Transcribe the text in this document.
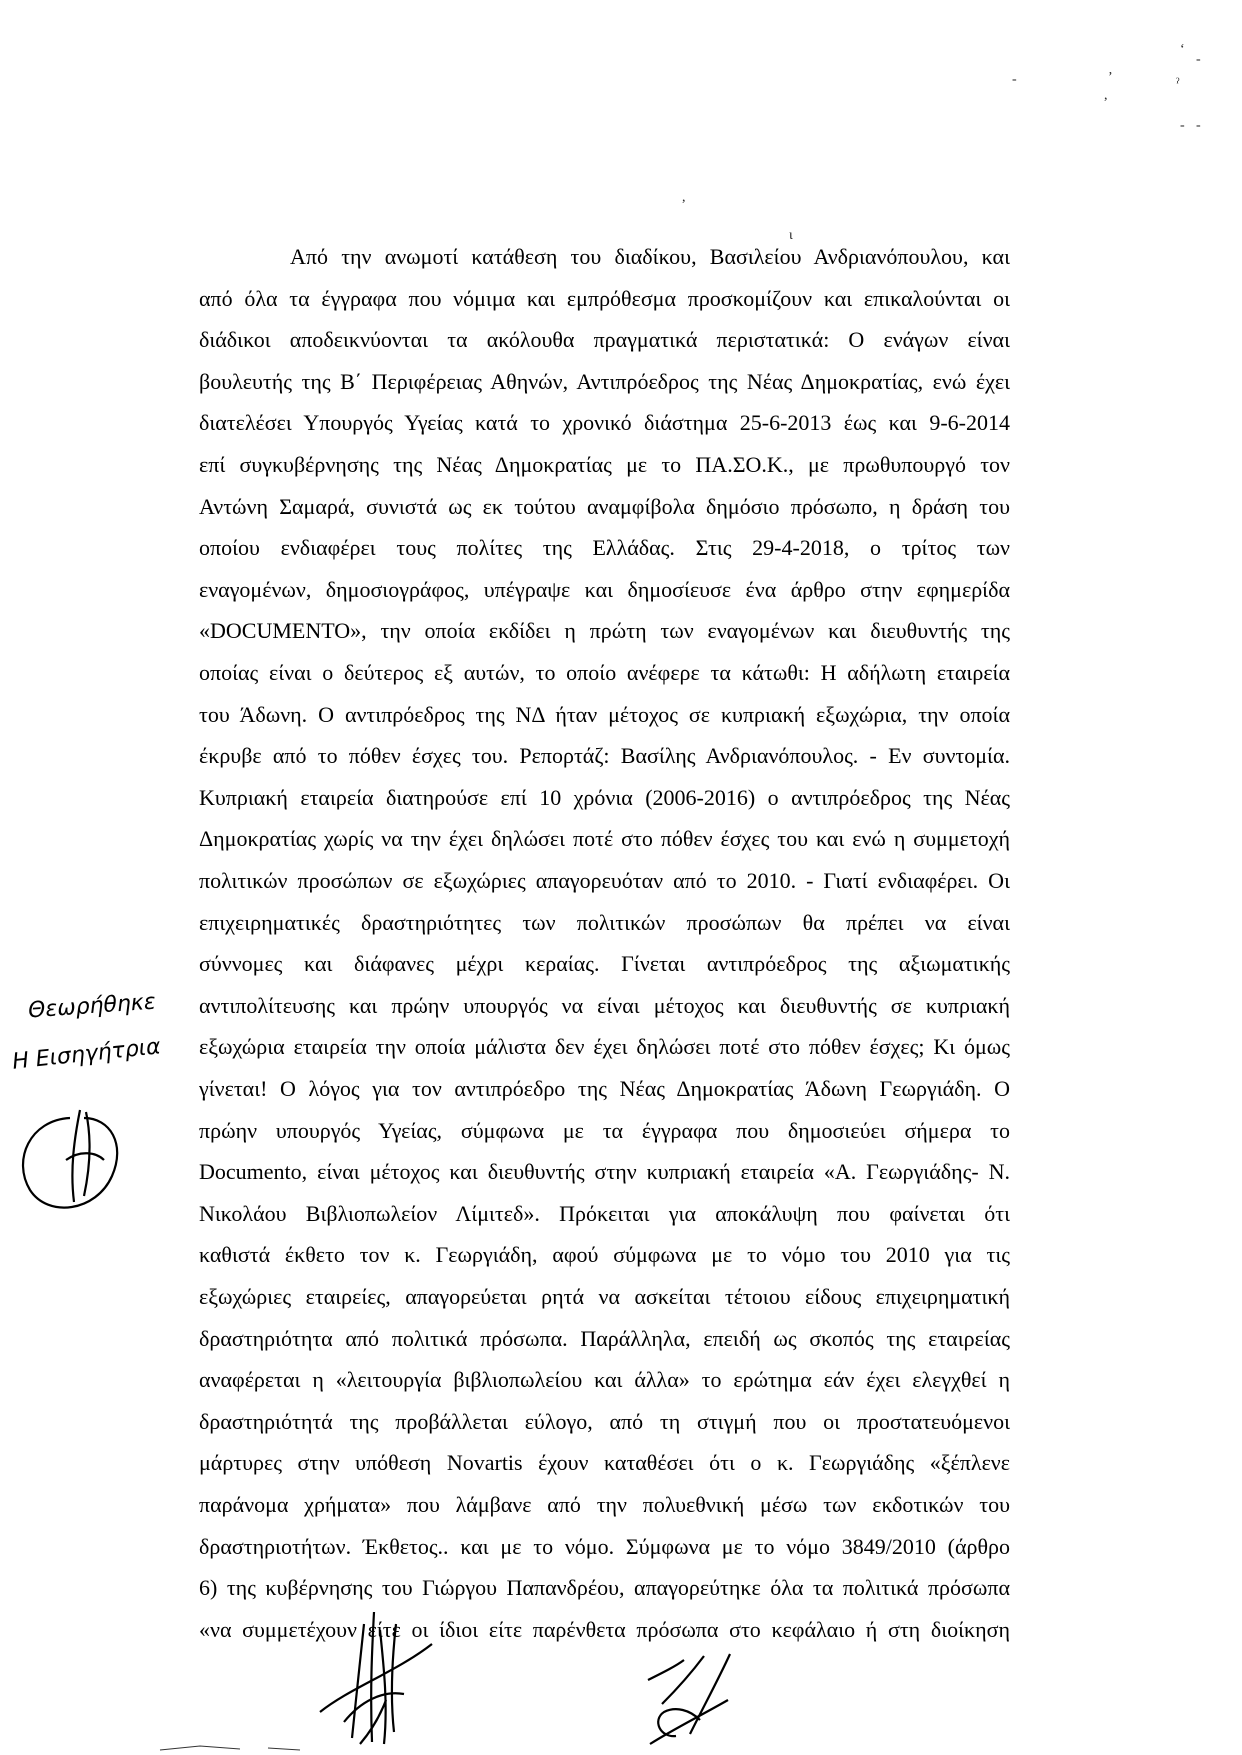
ʻ
-
-	ʼ	ˀ
,
- -
,
ι
Από την ανωμοτί κατάθεση του διαδίκου, Βασιλείου Ανδριανόπουλου, και
από όλα τα έγγραφα που νόμιμα και εμπρόθεσμα προσκομίζουν και επικαλούνται οι
διάδικοι αποδεικνύονται τα ακόλουθα πραγματικά περιστατικά: Ο ενάγων είναι
βουλευτής της Β΄ Περιφέρειας Αθηνών, Αντιπρόεδρος της Νέας Δημοκρατίας, ενώ έχει
διατελέσει Υπουργός Υγείας κατά το χρονικό διάστημα 25-6-2013 έως και 9-6-2014
επί συγκυβέρνησης της Νέας Δημοκρατίας με το ΠΑ.ΣΟ.Κ., με πρωθυπουργό τον
Αντώνη Σαμαρά, συνιστά ως εκ τούτου αναμφίβολα δημόσιο πρόσωπο, η δράση του
οποίου ενδιαφέρει τους πολίτες της Ελλάδας. Στις 29-4-2018, ο τρίτος των
εναγομένων, δημοσιογράφος, υπέγραψε και δημοσίευσε ένα άρθρο στην εφημερίδα
«DOCUMENTO», την οποία εκδίδει η πρώτη των εναγομένων και διευθυντής της
οποίας είναι ο δεύτερος εξ αυτών, το οποίο ανέφερε τα κάτωθι: Η αδήλωτη εταιρεία
του Άδωνη. Ο αντιπρόεδρος της ΝΔ ήταν μέτοχος σε κυπριακή εξωχώρια, την οποία
έκρυβε από το πόθεν έσχες του. Ρεπορτάζ: Βασίλης Ανδριανόπουλος. - Εν συντομία.
Κυπριακή εταιρεία διατηρούσε επί 10 χρόνια (2006-2016) ο αντιπρόεδρος της Νέας
Δημοκρατίας χωρίς να την έχει δηλώσει ποτέ στο πόθεν έσχες του και ενώ η συμμετοχή
πολιτικών προσώπων σε εξωχώριες απαγορευόταν από το 2010. - Γιατί ενδιαφέρει. Οι
επιχειρηματικές δραστηριότητες των πολιτικών προσώπων θα πρέπει να είναι
σύννομες και διάφανες μέχρι κεραίας. Γίνεται αντιπρόεδρος της αξιωματικής
αντιπολίτευσης και πρώην υπουργός να είναι μέτοχος και διευθυντής σε κυπριακή
εξωχώρια εταιρεία την οποία μάλιστα δεν έχει δηλώσει ποτέ στο πόθεν έσχες; Κι όμως
γίνεται! Ο λόγος για τον αντιπρόεδρο της Νέας Δημοκρατίας Άδωνη Γεωργιάδη. Ο
πρώην υπουργός Υγείας, σύμφωνα με τα έγγραφα που δημοσιεύει σήμερα το
Documento, είναι μέτοχος και διευθυντής στην κυπριακή εταιρεία «Α. Γεωργιάδης- Ν.
Νικολάου Βιβλιοπωλείον Λίμιτεδ». Πρόκειται για αποκάλυψη που φαίνεται ότι
καθιστά έκθετο τον κ. Γεωργιάδη, αφού σύμφωνα με το νόμο του 2010 για τις
εξωχώριες εταιρείες, απαγορεύεται ρητά να ασκείται τέτοιου είδους επιχειρηματική
δραστηριότητα από πολιτικά πρόσωπα. Παράλληλα, επειδή ως σκοπός της εταιρείας
αναφέρεται η «λειτουργία βιβλιοπωλείου και άλλα» το ερώτημα εάν έχει ελεγχθεί η
δραστηριότητά της προβάλλεται εύλογο, από τη στιγμή που οι προστατευόμενοι
μάρτυρες στην υπόθεση Novartis έχουν καταθέσει ότι ο κ. Γεωργιάδης «ξέπλενε
παράνομα χρήματα» που λάμβανε από την πολυεθνική μέσω των εκδοτικών του
δραστηριοτήτων. Έκθετος.. και με το νόμο. Σύμφωνα με το νόμο 3849/2010 (άρθρο
6) της κυβέρνησης του Γιώργου Παπανδρέου, απαγορεύτηκε όλα τα πολιτικά πρόσωπα
«να συμμετέχουν είτε οι ίδιοι είτε παρένθετα πρόσωπα στο κεφάλαιο ή στη διοίκηση
Θεωρήθηκε
Η Εισηγήτρια
